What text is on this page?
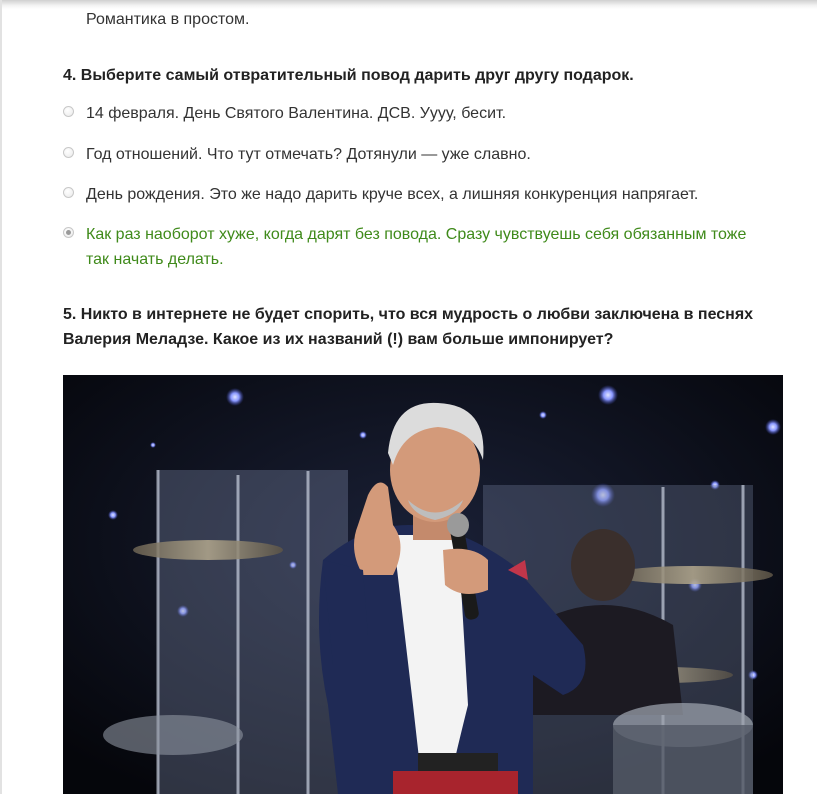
Романтика в простом.
4. Выберите самый отвратительный повод дарить друг другу подарок.
14 февраля. День Святого Валентина. ДСВ. Уууу, бесит.
Год отношений. Что тут отмечать? Дотянули — уже славно.
День рождения. Это же надо дарить круче всех, а лишняя конкуренция напрягает.
Как раз наоборот хуже, когда дарят без повода. Сразу чувствуешь себя обязанным тоже так начать делать.
5. Никто в интернете не будет спорить, что вся мудрость о любви заключена в песнях Валерия Меладзе. Какое из их названий (!) вам больше импонирует?
